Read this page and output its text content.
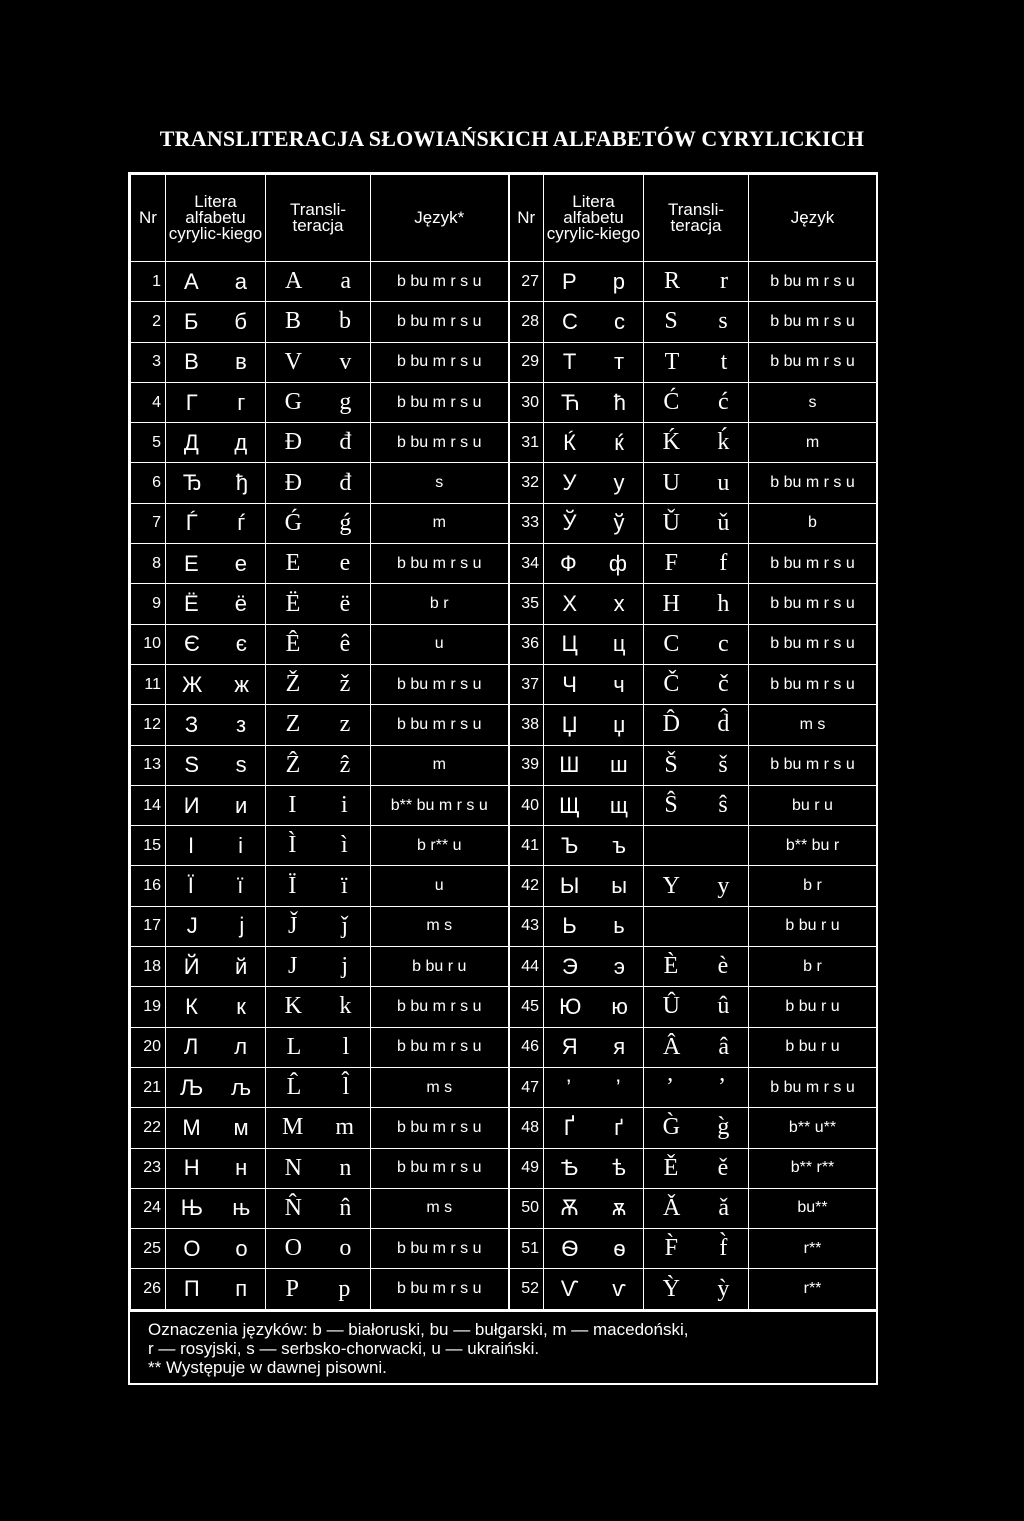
TRANSLITERACJA SŁOWIAŃSKICH ALFABETÓW CYRYLICKICH
Nr	Litera alfabetu cyrylic-kiego	Transli-teracja	Język*	Nr	Litera alfabetu cyrylic-kiego	Transli-teracja	Język
1	А а	A a	b bu m r s u	27	Р р	R r	b bu m r s u
2	Б б	B b	b bu m r s u	28	С с	S s	b bu m r s u
3	В в	V v	b bu m r s u	29	Т т	T t	b bu m r s u
4	Г г	G g	b bu m r s u	30	Ћ ћ	Ć ć	s
5	Д д	Đ đ	b bu m r s u	31	Ќ ќ	Ḱ ḱ	m
6	Ђ ђ	Đ đ	s	32	У у	U u	b bu m r s u
7	Ѓ ѓ	Ǵ ǵ	m	33	Ў ў	Ǔ ǔ	b
8	Е е	E e	b bu m r s u	34	Ф ф	F f	b bu m r s u
9	Ё ё	Ë ë	b r	35	Х х	H h	b bu m r s u
10	Є є	Ê ê	u	36	Ц ц	C c	b bu m r s u
11	Ж ж	Ž ž	b bu m r s u	37	Ч ч	Č č	b bu m r s u
12	З з	Z z	b bu m r s u	38	Џ џ	D̂ d̂	m s
13	Ѕ ѕ	Ẑ ẑ	m	39	Ш ш	Š š	b bu m r s u
14	И и	I i	b** bu m r s u	40	Щ щ	Ŝ ŝ	bu r u
15	І і	Ì ì	b r** u	41	Ъ ъ		b** bu r
16	Ї ї	Ï ï	u	42	Ы ы	Y y	b r
17	Ј ј	J̌ ǰ	m s	43	Ь ь		b bu r u
18	Й й	J j	b bu r u	44	Э э	È è	b r
19	К к	K k	b bu m r s u	45	Ю ю	Û û	b bu r u
20	Л л	L l	b bu m r s u	46	Я я	Â â	b bu r u
21	Љ љ	L̂ l̂	m s	47	’ ’	’ ’	b bu m r s u
22	М м	M m	b bu m r s u	48	Ґ ґ	G̀ g̀	b** u**
23	Н н	N n	b bu m r s u	49	Ѣ ѣ	Ě ě	b** r**
24	Њ њ	N̂ n̂	m s	50	Ѫ ѫ	Ǎ ǎ	bu**
25	О о	O o	b bu m r s u	51	Ѳ ѳ	F̀ f̀	r**
26	П п	P p	b bu m r s u	52	Ѵ ѵ	Ỳ ỳ	r**
Oznaczenia języków: b — białoruski, bu — bułgarski, m — macedoński,
r — rosyjski, s — serbsko-chorwacki, u — ukraiński.
** Występuje w dawnej pisowni.
